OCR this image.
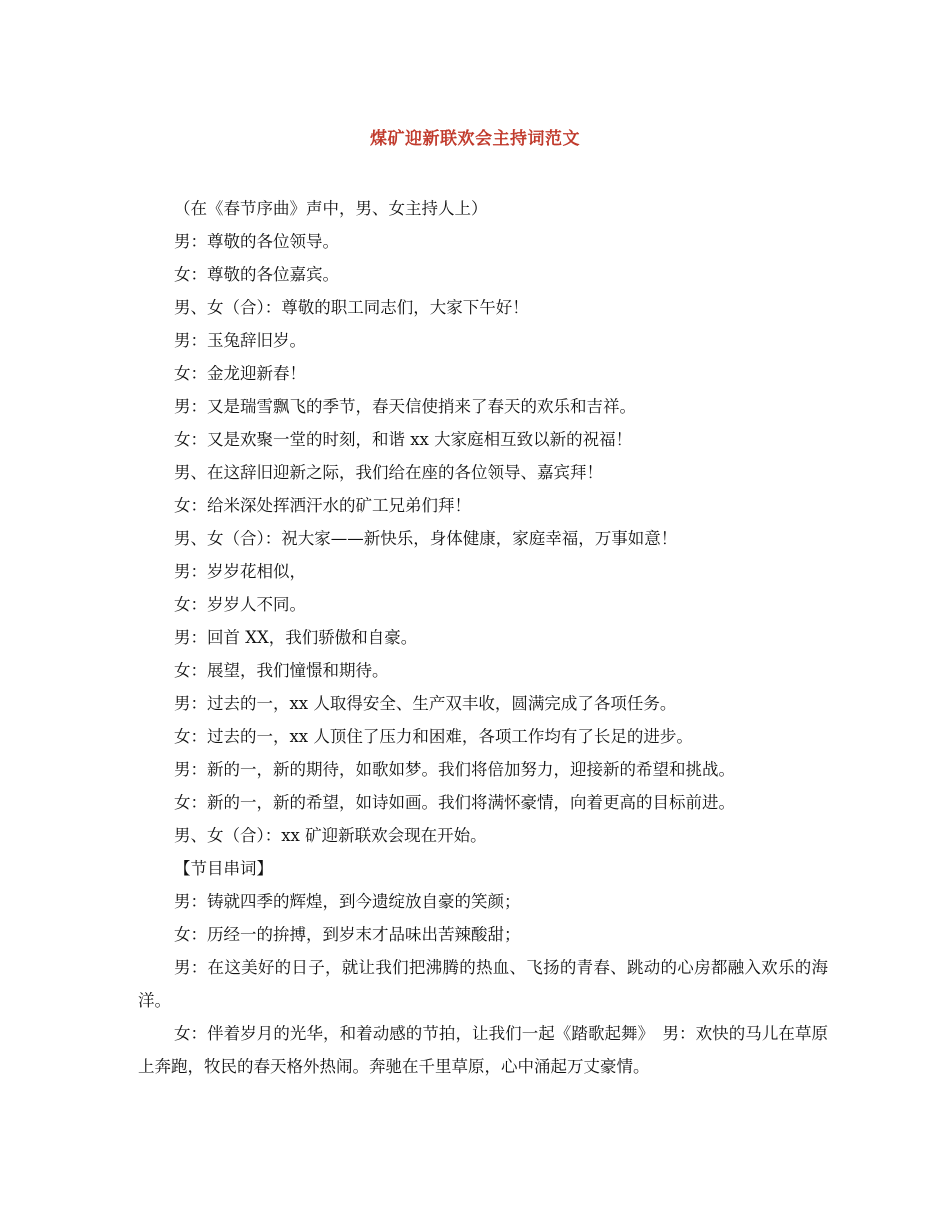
煤矿迎新联欢会主持词范文
（在《春节序曲》声中，男、女主持人上）
男：尊敬的各位领导。
女：尊敬的各位嘉宾。
男、女（合）：尊敬的职工同志们，大家下午好！
男：玉兔辞旧岁。
女：金龙迎新春！
男：又是瑞雪飘飞的季节，春天信使捎来了春天的欢乐和吉祥。
女：又是欢聚一堂的时刻，和谐 xx 大家庭相互致以新的祝福！
男、在这辞旧迎新之际，我们给在座的各位领导、嘉宾拜！
女：给米深处挥洒汗水的矿工兄弟们拜！
男、女（合）：祝大家——新快乐，身体健康，家庭幸福，万事如意！
男：岁岁花相似，
女：岁岁人不同。
男：回首 XX，我们骄傲和自豪。
女：展望，我们憧憬和期待。
男：过去的一，xx 人取得安全、生产双丰收，圆满完成了各项任务。
女：过去的一，xx 人顶住了压力和困难，各项工作均有了长足的进步。
男：新的一，新的期待，如歌如梦。我们将倍加努力，迎接新的希望和挑战。
女：新的一，新的希望，如诗如画。我们将满怀豪情，向着更高的目标前进。
男、女（合）：xx 矿迎新联欢会现在开始。
【节目串词】
男：铸就四季的辉煌，到今遗绽放自豪的笑颜；
女：历经一的拚搏，到岁末才品味出苦辣酸甜；

男：在这美好的日子，就让我们把沸腾的热血、飞扬的青春、跳动的心房都融入欢乐的海洋。

女：伴着岁月的光华，和着动感的节拍，让我们一起《踏歌起舞》　男：欢快的马儿在草原上奔跑，牧民的春天格外热闹。奔驰在千里草原，心中涌起万丈豪情。
